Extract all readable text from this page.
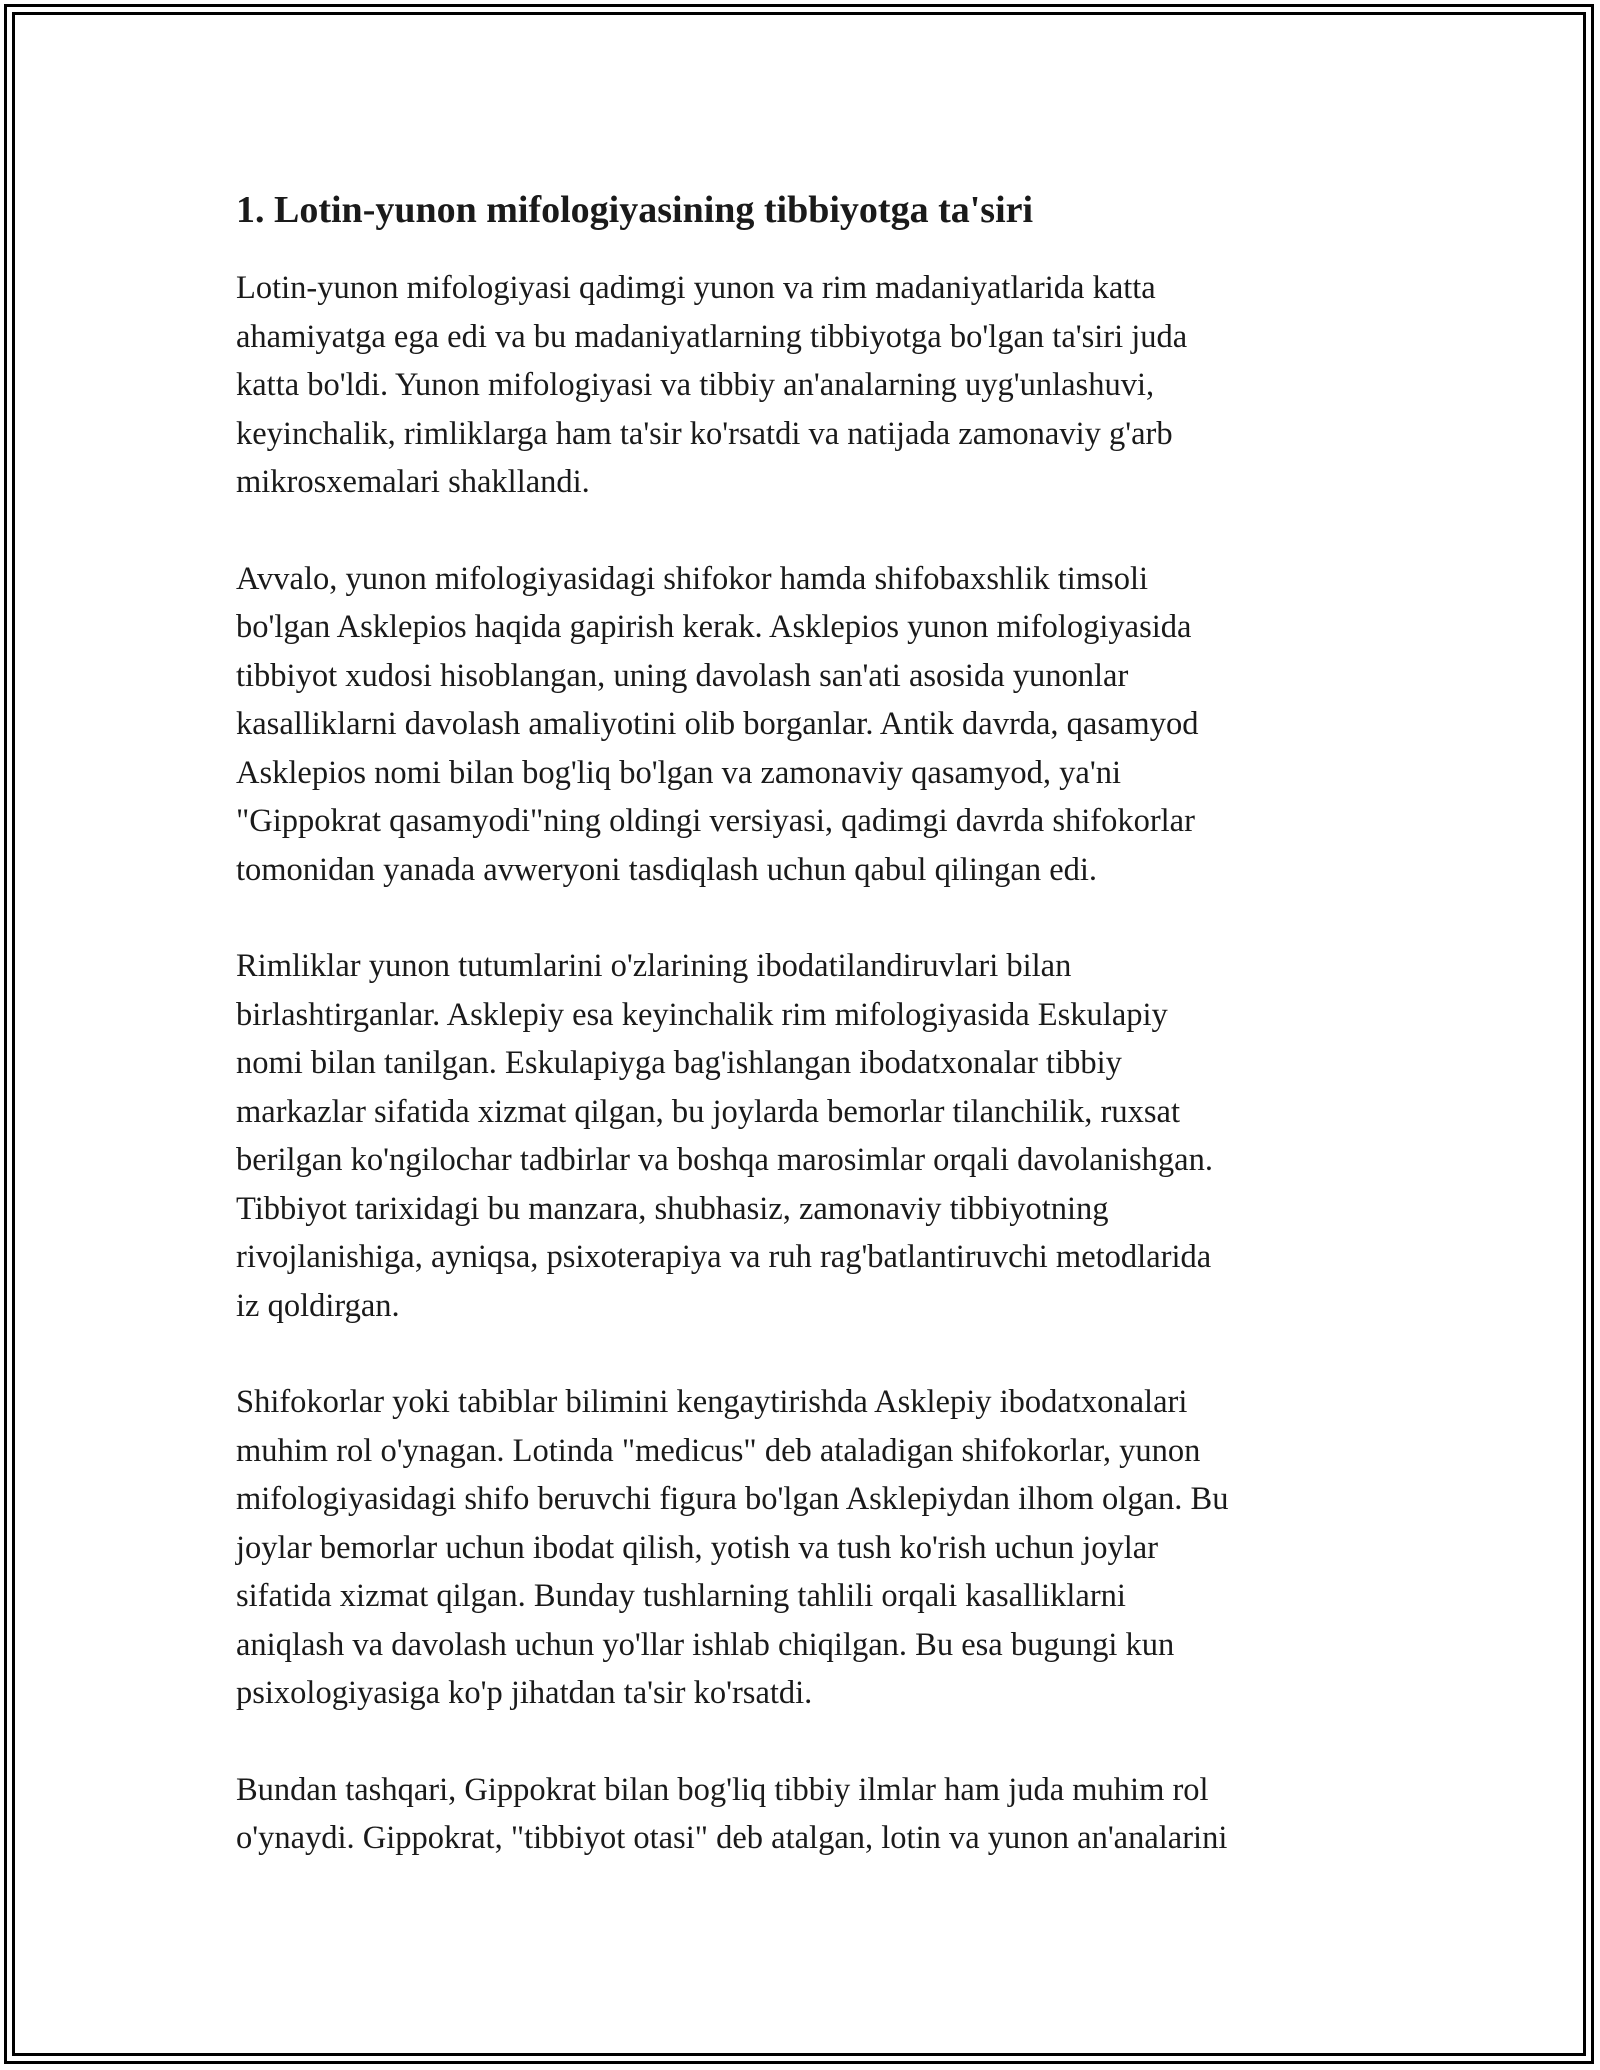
1. Lotin-yunon mifologiyasining tibbiyotga ta'siri

Lotin-yunon mifologiyasi qadimgi yunon va rim madaniyatlarida katta
ahamiyatga ega edi va bu madaniyatlarning tibbiyotga bo'lgan ta'siri juda
katta bo'ldi. Yunon mifologiyasi va tibbiy an'analarning uyg'unlashuvi,
keyinchalik, rimliklarga ham ta'sir ko'rsatdi va natijada zamonaviy g'arb
mikrosxemalari shakllandi.

Avvalo, yunon mifologiyasidagi shifokor hamda shifobaxshlik timsoli
bo'lgan Asklepios haqida gapirish kerak. Asklepios yunon mifologiyasida
tibbiyot xudosi hisoblangan, uning davolash san'ati asosida yunonlar
kasalliklarni davolash amaliyotini olib borganlar. Antik davrda, qasamyod
Asklepios nomi bilan bog'liq bo'lgan va zamonaviy qasamyod, ya'ni
"Gippokrat qasamyodi"ning oldingi versiyasi, qadimgi davrda shifokorlar
tomonidan yanada avweryoni tasdiqlash uchun qabul qilingan edi.

Rimliklar yunon tutumlarini o'zlarining ibodatilandiruvlari bilan
birlashtirganlar. Asklepiy esa keyinchalik rim mifologiyasida Eskulapiy
nomi bilan tanilgan. Eskulapiyga bag'ishlangan ibodatxonalar tibbiy
markazlar sifatida xizmat qilgan, bu joylarda bemorlar tilanchilik, ruxsat
berilgan ko'ngilochar tadbirlar va boshqa marosimlar orqali davolanishgan.
Tibbiyot tarixidagi bu manzara, shubhasiz, zamonaviy tibbiyotning
rivojlanishiga, ayniqsa, psixoterapiya va ruh rag'batlantiruvchi metodlarida
iz qoldirgan.

Shifokorlar yoki tabiblar bilimini kengaytirishda Asklepiy ibodatxonalari
muhim rol o'ynagan. Lotinda "medicus" deb ataladigan shifokorlar, yunon
mifologiyasidagi shifo beruvchi figura bo'lgan Asklepiydan ilhom olgan. Bu
joylar bemorlar uchun ibodat qilish, yotish va tush ko'rish uchun joylar
sifatida xizmat qilgan. Bunday tushlarning tahlili orqali kasalliklarni
aniqlash va davolash uchun yo'llar ishlab chiqilgan. Bu esa bugungi kun
psixologiyasiga ko'p jihatdan ta'sir ko'rsatdi.

Bundan tashqari, Gippokrat bilan bog'liq tibbiy ilmlar ham juda muhim rol
o'ynaydi. Gippokrat, "tibbiyot otasi" deb atalgan, lotin va yunon an'analarini
